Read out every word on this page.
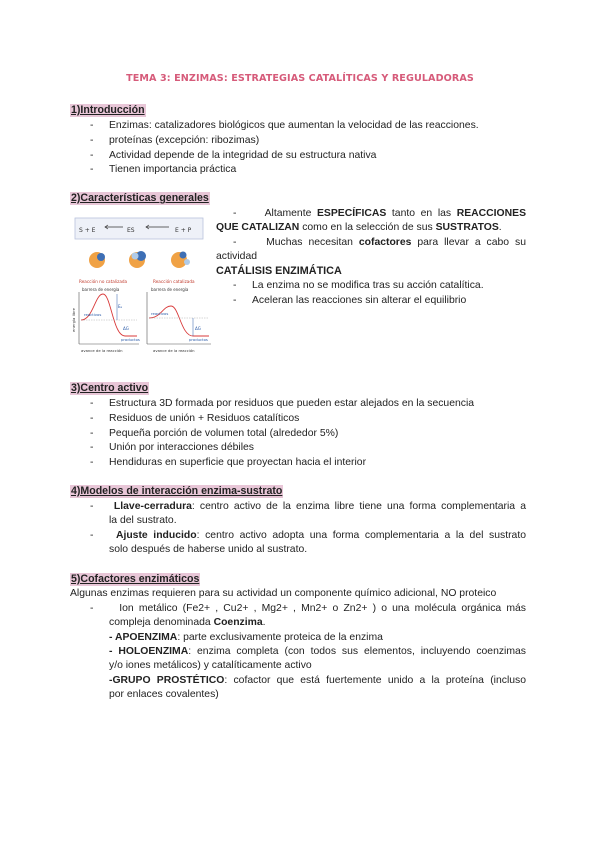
TEMA 3: ENZIMAS: ESTRATEGIAS CATALÍTICAS Y REGULADORAS
1)Introducción
- Enzimas: catalizadores biológicos que aumentan la velocidad de las reacciones.
- proteínas (excepción: ribozimas)
- Actividad depende de la integridad de su estructura nativa
- Tienen importancia práctica
2)Características generales
-     Altamente ESPECÍFICAS tanto en las REACCIONES
QUE CATALIZAN como en la selección de sus SUSTRATOS.
-     Muchas necesitan cofactores para llevar a cabo su
actividad
CATÁLISIS ENZIMÁTICA
- La enzima no se modifica tras su acción catalítica.
- Aceleran las reacciones sin alterar el equilibrio
S + E	ES	E + P
Reacción no catalizada	Reacción catalizada
Eₐ
ΔG
barrera de energía
reactivos
productos
avance de la reacción
energía libre	ΔG
barrera de energía
reactivos
productos
avance de la reacción
3)Centro activo
- Estructura 3D formada por residuos que pueden estar alejados en la secuencia
- Residuos de unión + Residuos catalíticos
- Pequeña porción de volumen total (alrededor 5%)
- Unión por interacciones débiles
- Hendiduras en superficie que proyectan hacia el interior
4)Modelos de interacción enzima-sustrato
-    Llave-cerradura: centro activo de la enzima libre tiene una forma complementaria a
la del sustrato.
-    Ajuste inducido: centro activo adopta una forma complementaria a la del sustrato
solo después de haberse unido al sustrato.
5)Cofactores enzimáticos
Algunas enzimas requieren para su actividad un componente químico adicional, NO proteico
-     Ion metálico (Fe2+ , Cu2+ , Mg2+ , Mn2+ o Zn2+ ) o una molécula orgánica más
compleja denominada Coenzima.
- APOENZIMA: parte exclusivamente proteica de la enzima
- HOLOENZIMA: enzima completa (con todos sus elementos, incluyendo coenzimas
y/o iones metálicos) y catalíticamente activo
-GRUPO PROSTÉTICO: cofactor que está fuertemente unido a la proteína (incluso
por enlaces covalentes)
